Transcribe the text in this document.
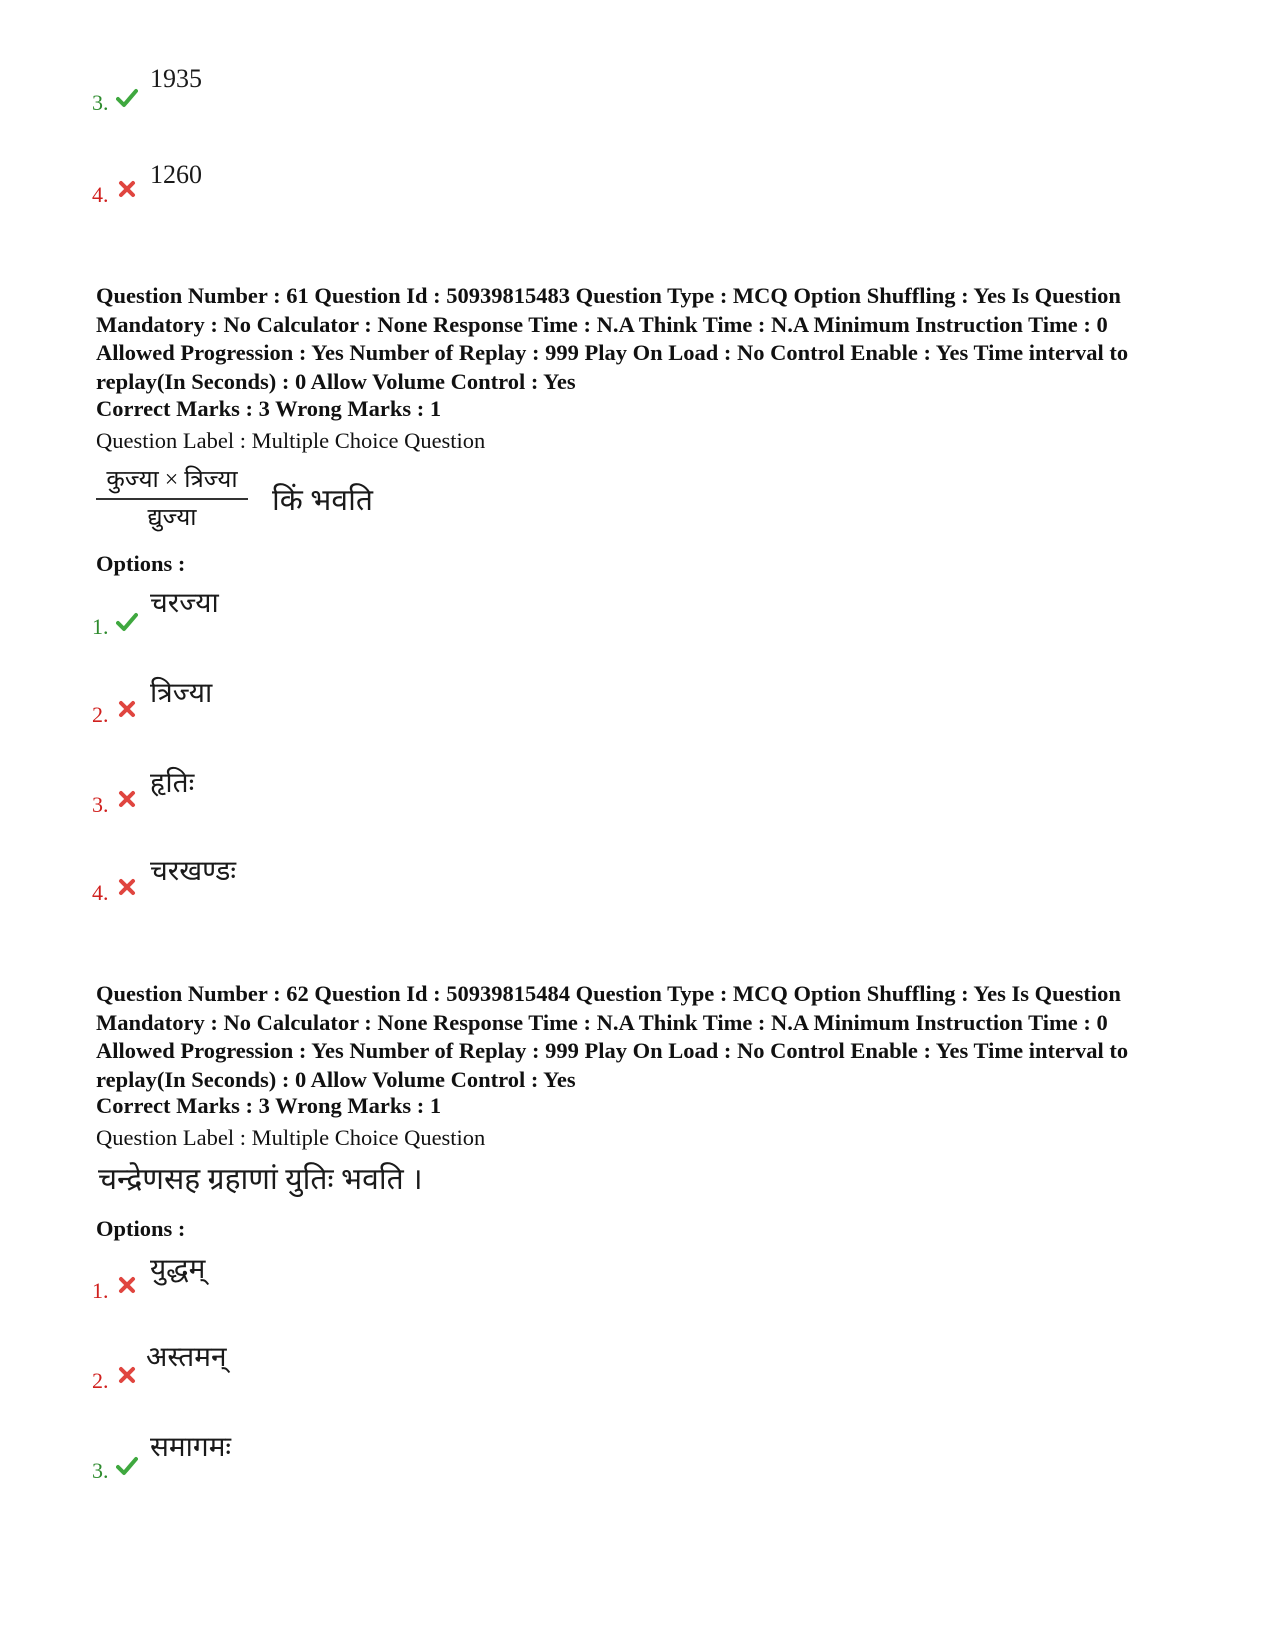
3.
1935
4.
1260

Question Number : 61 Question Id : 50939815483 Question Type : MCQ Option Shuffling : Yes Is Question Mandatory : No Calculator : None Response Time : N.A Think Time : N.A Minimum Instruction Time : 0 Allowed Progression : Yes Number of Replay : 999 Play On Load : No Control Enable : Yes Time interval to replay(In Seconds) : 0 Allow Volume Control : Yes

Correct Marks : 3 Wrong Marks : 1
Question Label : Multiple Choice Question
कुज्या × त्रिज्या
द्युज्या
किं भवति
Options :
1.
चरज्या
2.
त्रिज्या
3.
हृतिः
4.
चरखण्डः

Question Number : 62 Question Id : 50939815484 Question Type : MCQ Option Shuffling : Yes Is Question Mandatory : No Calculator : None Response Time : N.A Think Time : N.A Minimum Instruction Time : 0 Allowed Progression : Yes Number of Replay : 999 Play On Load : No Control Enable : Yes Time interval to replay(In Seconds) : 0 Allow Volume Control : Yes

Correct Marks : 3 Wrong Marks : 1
Question Label : Multiple Choice Question
चन्द्रेणसह ग्रहाणां युतिः भवति ।
Options :
1.
युद्धम्
2.
अस्तमन्
3.
समागमः
